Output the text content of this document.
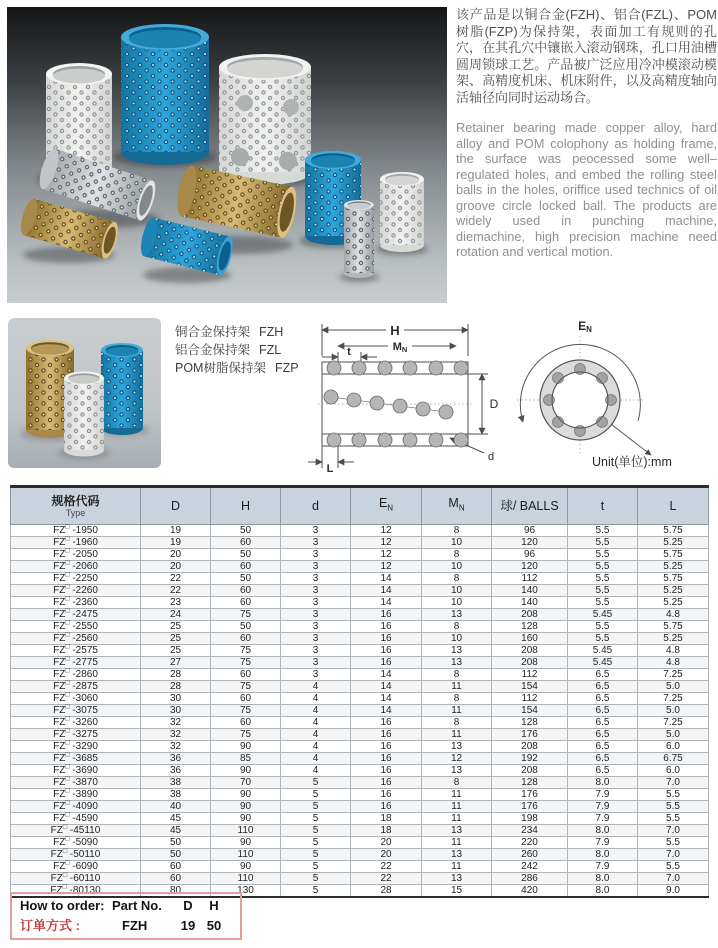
该产品是以铜合金(FZH)、铝合(FZL)、POM树脂(FZP)为保持架，表面加工有规则的孔穴，在其孔穴中镶嵌入滚动钢珠，孔口用油槽圆周锁球工艺。产品被广泛应用冷冲模滚动模架、高精度机床、机床附件，以及高精度轴向活轴径向同时运动场合。
Retainer bearing made copper alloy, hard alloy and POM colophony as holding frame, the surface was peocessed some well–regulated holes, and embed the rolling steel balls in the holes, oriffice used technics of oil groove circle locked ball. The products are widely used in punching machine, diemachine, high precision machine need rotation and vertical motion.
铜合金保持架 FZH
铝合金保持架 FZL
POM树脂保持架 FZP
H
MN
t
D
L
d
EN
Unit(单位):mm
规格代码
Type	D	H	d	$E_N$	$M_N$	球/ BALLS	t	L
FZ□ -1950	19	50	3	12	8	96	5.5	5.75
FZ□ -1960	19	60	3	12	10	120	5.5	5.25
FZ□ -2050	20	50	3	12	8	96	5.5	5.75
FZ□ -2060	20	60	3	12	10	120	5.5	5.25
FZ□ -2250	22	50	3	14	8	112	5.5	5.75
FZ□ -2260	22	60	3	14	10	140	5.5	5.25
FZ□ -2360	23	60	3	14	10	140	5.5	5.25
FZ□ -2475	24	75	3	16	13	208	5.45	4.8
FZ□ -2550	25	50	3	16	8	128	5.5	5.75
FZ□ -2560	25	60	3	16	10	160	5.5	5.25
FZ□ -2575	25	75	3	16	13	208	5.45	4.8
FZ□ -2775	27	75	3	16	13	208	5.45	4.8
FZ□ -2860	28	60	3	14	8	112	6.5	7.25
FZ□ -2875	28	75	4	14	11	154	6.5	5.0
FZ□ -3060	30	60	4	14	8	112	6.5	7.25
FZ□ -3075	30	75	4	14	11	154	6.5	5.0
FZ□ -3260	32	60	4	16	8	128	6.5	7.25
FZ□ -3275	32	75	4	16	11	176	6.5	5.0
FZ□ -3290	32	90	4	16	13	208	6.5	6.0
FZ□ -3685	36	85	4	16	12	192	6.5	6.75
FZ□ -3690	36	90	4	16	13	208	6.5	6.0
FZ□ -3870	38	70	5	16	8	128	8.0	7.0
FZ□ -3890	38	90	5	16	11	176	7.9	5.5
FZ□ -4090	40	90	5	16	11	176	7.9	5.5
FZ□ -4590	45	90	5	18	11	198	7.9	5.5
FZ□ -45110	45	110	5	18	13	234	8.0	7.0
FZ□ -5090	50	90	5	20	11	220	7.9	5.5
FZ□ -50110	50	110	5	20	13	260	8.0	7.0
FZ□ -6090	60	90	5	22	11	242	7.9	5.5
FZ□ -60110	60	110	5	22	13	286	8.0	7.0
FZ□ -80130	80	130	5	28	15	420	8.0	9.0
How to order: Part No.	D	H
订单方式 :	FZH	19 50
